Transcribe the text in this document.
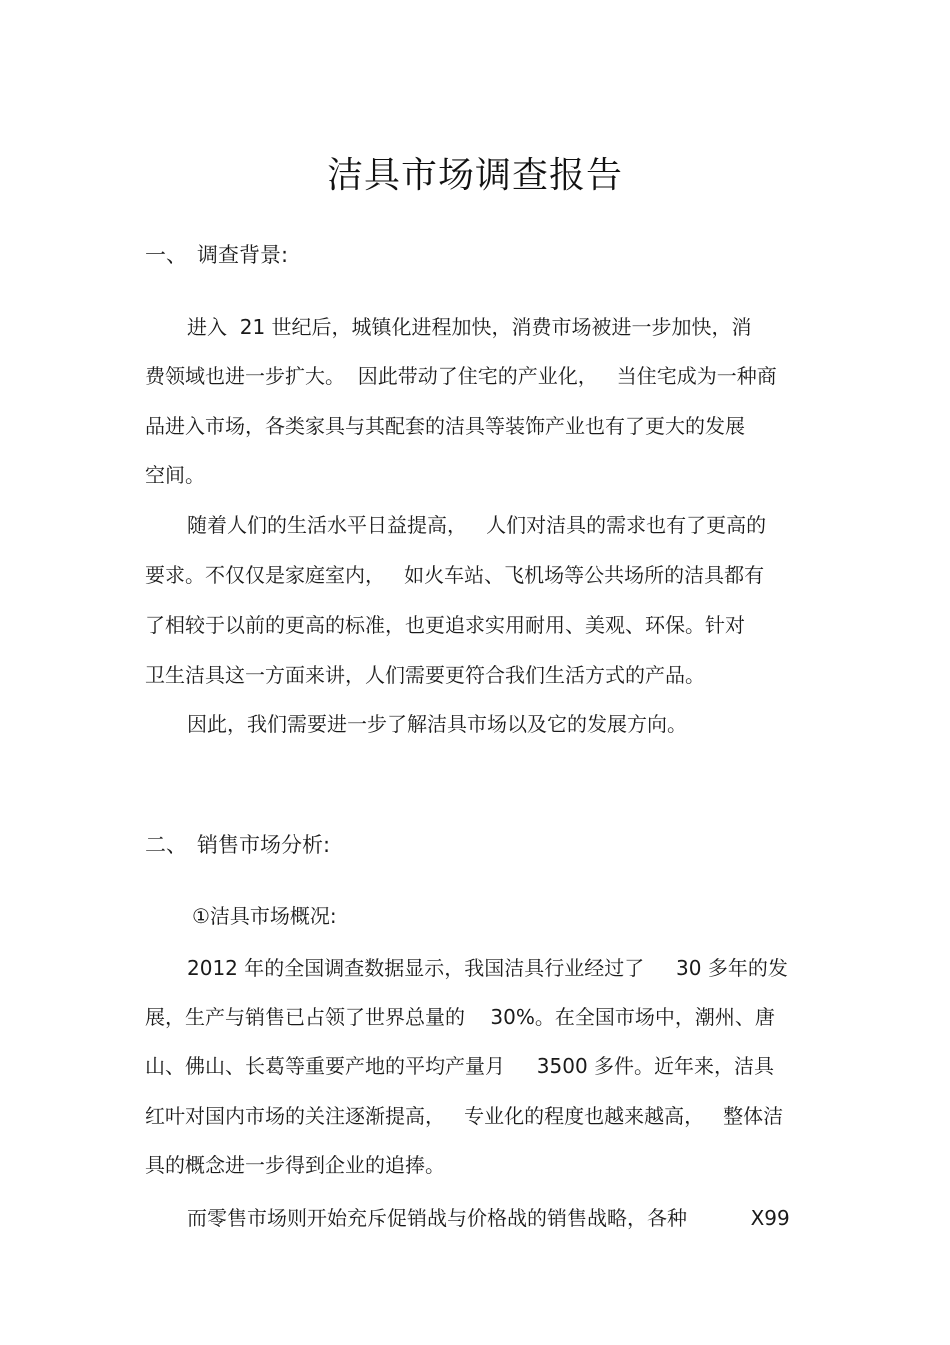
洁具市场调查报告
一、 调查背景:
进入  21 世纪后，城镇化进程加快，消费市场被进一步加快，消
费领域也进一步扩大。  因此带动了住宅的产业化，   当住宅成为一种商
品进入市场，各类家具与其配套的洁具等装饰产业也有了更大的发展
空间。
随着人们的生活水平日益提高，   人们对洁具的需求也有了更高的
要求。不仅仅是家庭室内，   如火车站、飞机场等公共场所的洁具都有
了相较于以前的更高的标准，也更追求实用耐用、美观、环保。针对
卫生洁具这一方面来讲，人们需要更符合我们生活方式的产品。
因此，我们需要进一步了解洁具市场以及它的发展方向。
二、 销售市场分析:
①洁具市场概况:
2012 年的全国调查数据显示，我国洁具行业经过了     30 多年的发
展，生产与销售已占领了世界总量的    30%。在全国市场中，潮州、唐
山、佛山、长葛等重要产地的平均产量月     3500 多件。近年来，洁具
红叶对国内市场的关注逐渐提高，   专业化的程度也越来越高，   整体洁
具的概念进一步得到企业的追捧。
而零售市场则开始充斥促销战与价格战的销售战略，各种          X99
